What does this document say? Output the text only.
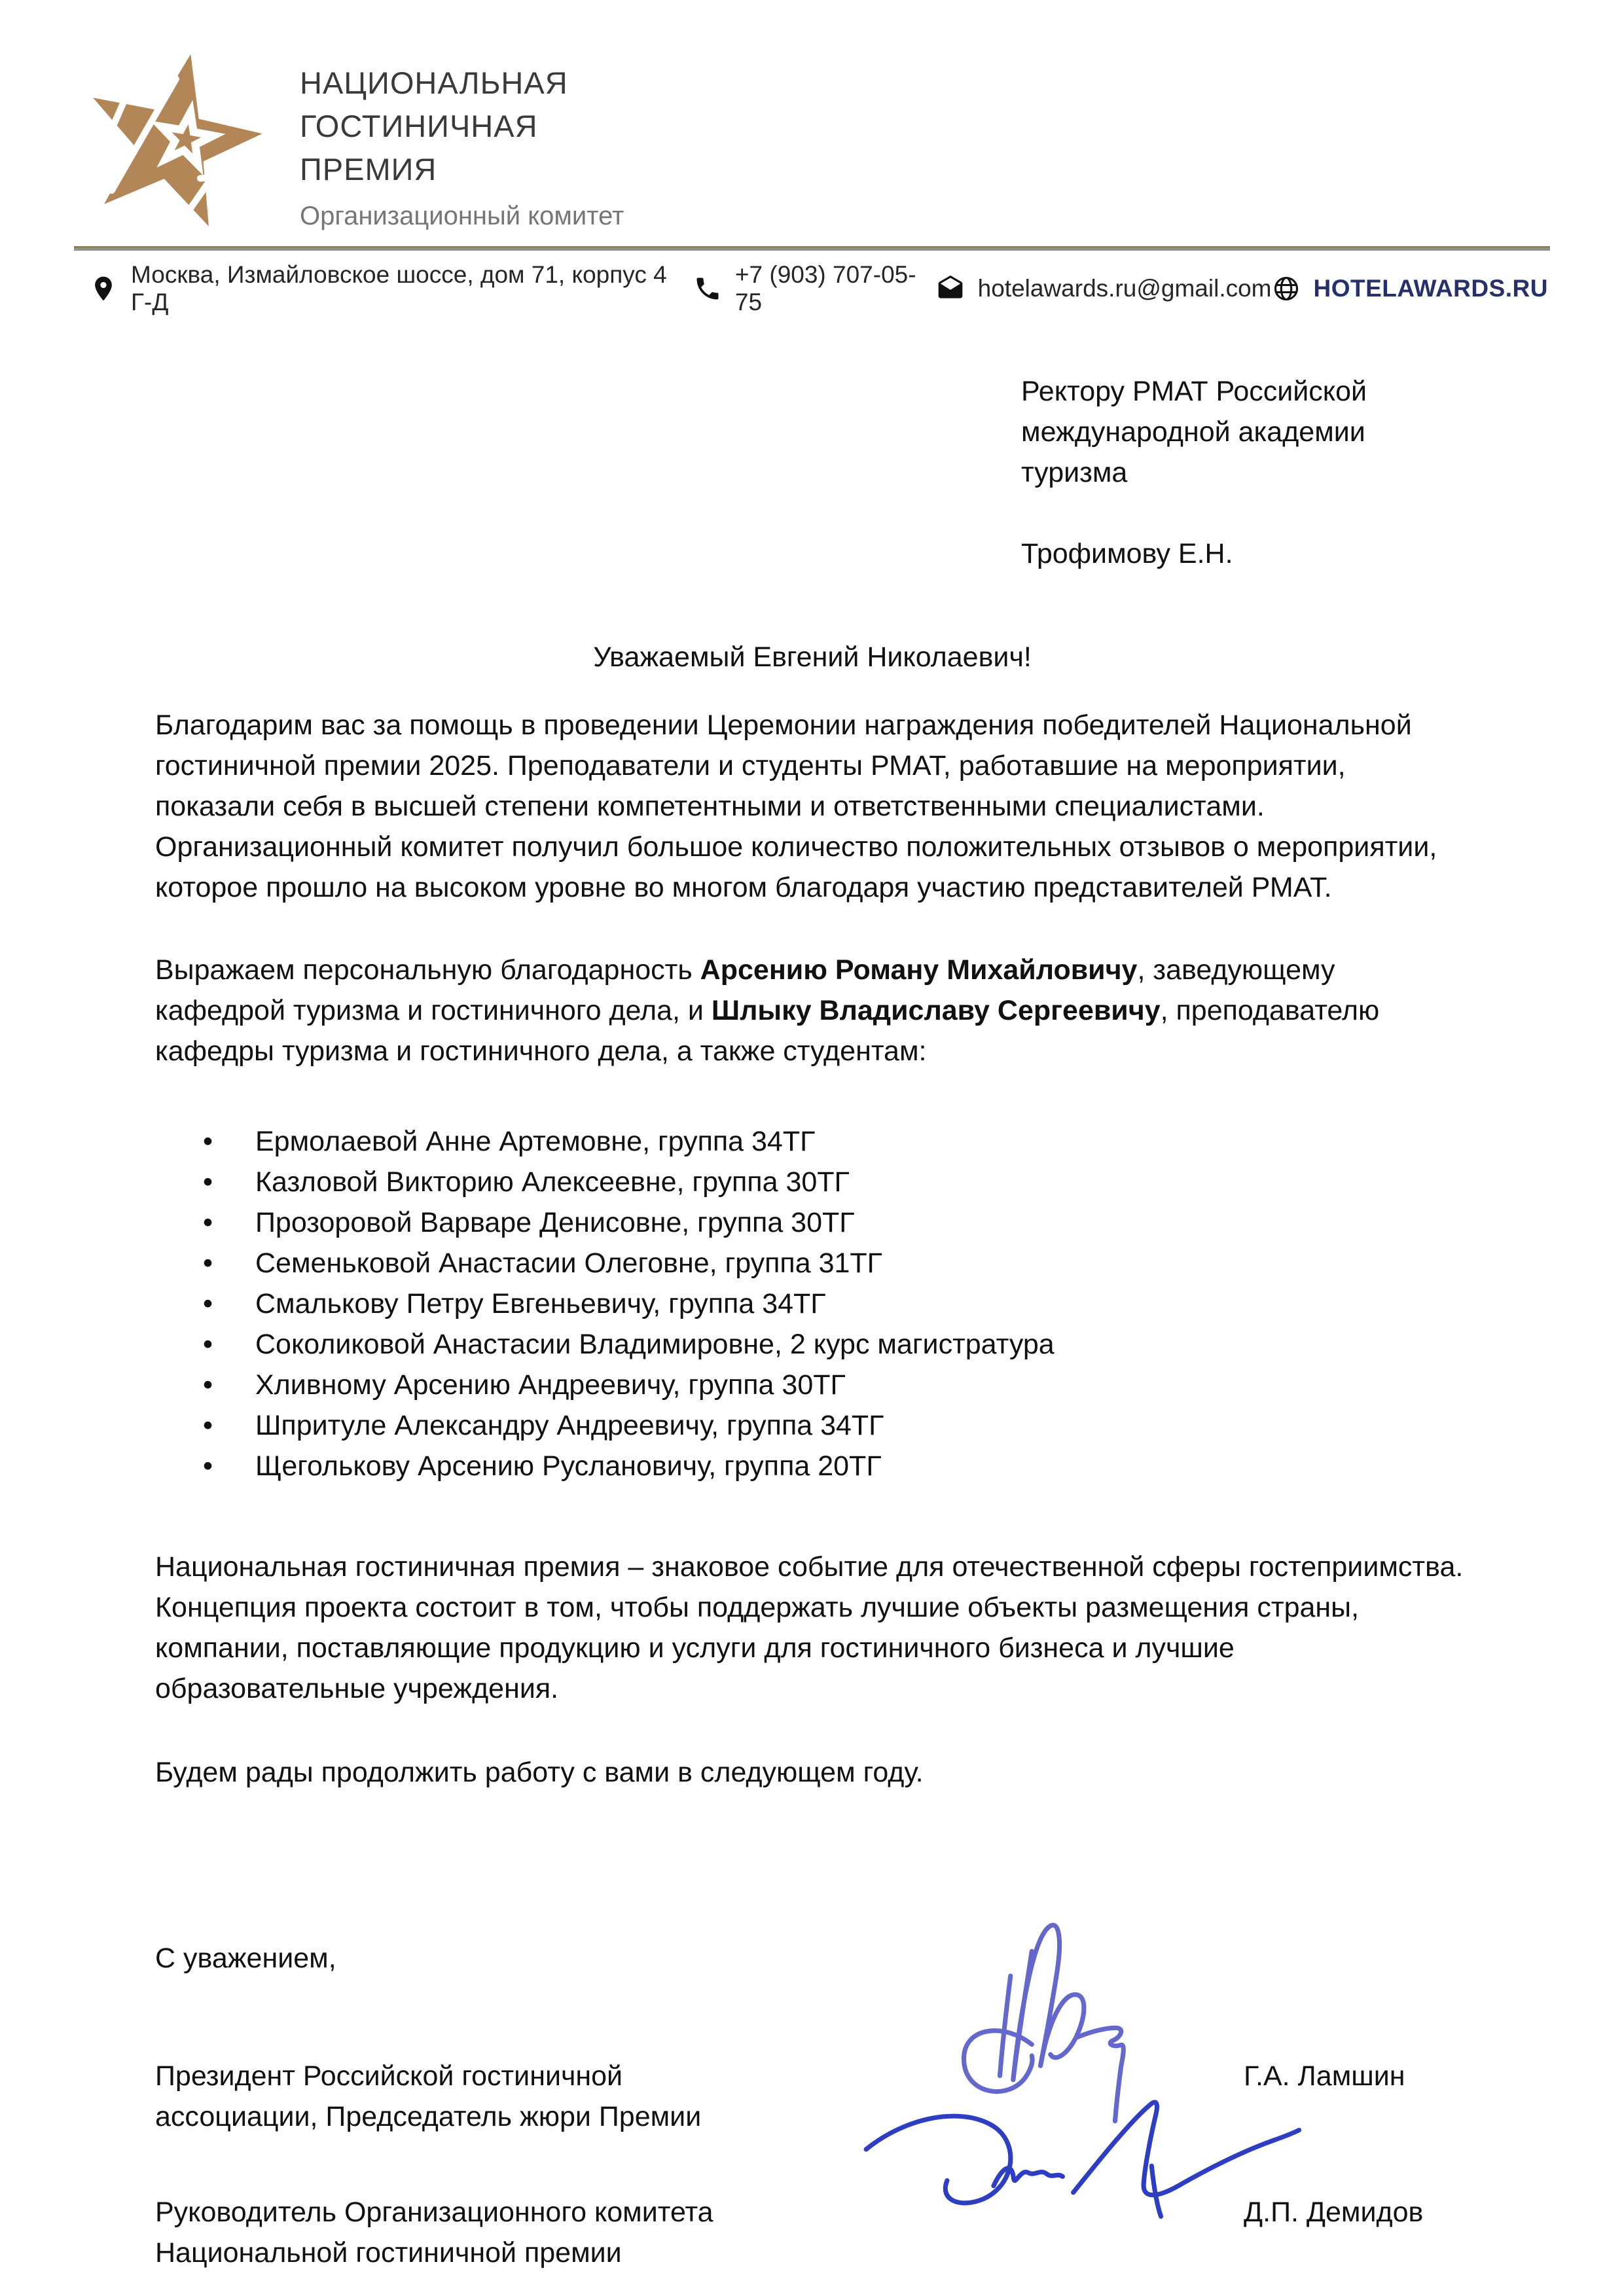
НАЦИОНАЛЬНАЯ
ГОСТИНИЧНАЯ
ПРЕМИЯ
Организационный комитет
Москва, Измайловское шоссе, дом 71, корпус 4 Г-Д
+7 (903) 707-05-75
hotelawards.ru@gmail.com HOTELAWARDS.RU
Ректору РМАТ Российской
международной академии туризма
Трофимову Е.Н.
Уважаемый Евгений Николаевич!

Благодарим вас за помощь в проведении Церемонии награждения победителей Национальной гостиничной премии 2025. Преподаватели и студенты РМАТ, работавшие на мероприятии, показали себя в высшей степени компетентными и ответственными специалистами. Организационный комитет получил большое количество положительных отзывов о мероприятии, которое прошло на высоком уровне во многом благодаря участию представителей РМАТ.

Выражаем персональную благодарность Арсению Роману Михайловичу, заведующему кафедрой туризма и гостиничного дела, и Шлыку Владиславу Сергеевичу, преподавателю кафедры туризма и гостиничного дела, а также студентам:

• Ермолаевой Анне Артемовне, группа 34ТГ
• Казловой Викторию Алексеевне, группа 30ТГ
• Прозоровой Варваре Денисовне, группа 30ТГ
• Семеньковой Анастасии Олеговне, группа 31ТГ
• Смалькову Петру Евгеньевичу, группа 34ТГ
• Соколиковой Анастасии Владимировне, 2 курс магистратура
• Хливному Арсению Андреевичу, группа 30ТГ
• Шпритуле Александру Андреевичу, группа 34ТГ
• Щеголькову Арсению Руслановичу, группа 20ТГ

Национальная гостиничная премия – знаковое событие для отечественной сферы гостеприимства. Концепция проекта состоит в том, чтобы поддержать лучшие объекты размещения страны, компании, поставляющие продукцию и услуги для гостиничного бизнеса и лучшие образовательные учреждения.

Будем рады продолжить работу с вами в следующем году.

С уважением,
Президент Российской гостиничной
ассоциации, Председатель жюри Премии
Г.А. Ламшин
Руководитель Организационного комитета
Национальной гостиничной премии
Д.П. Демидов
